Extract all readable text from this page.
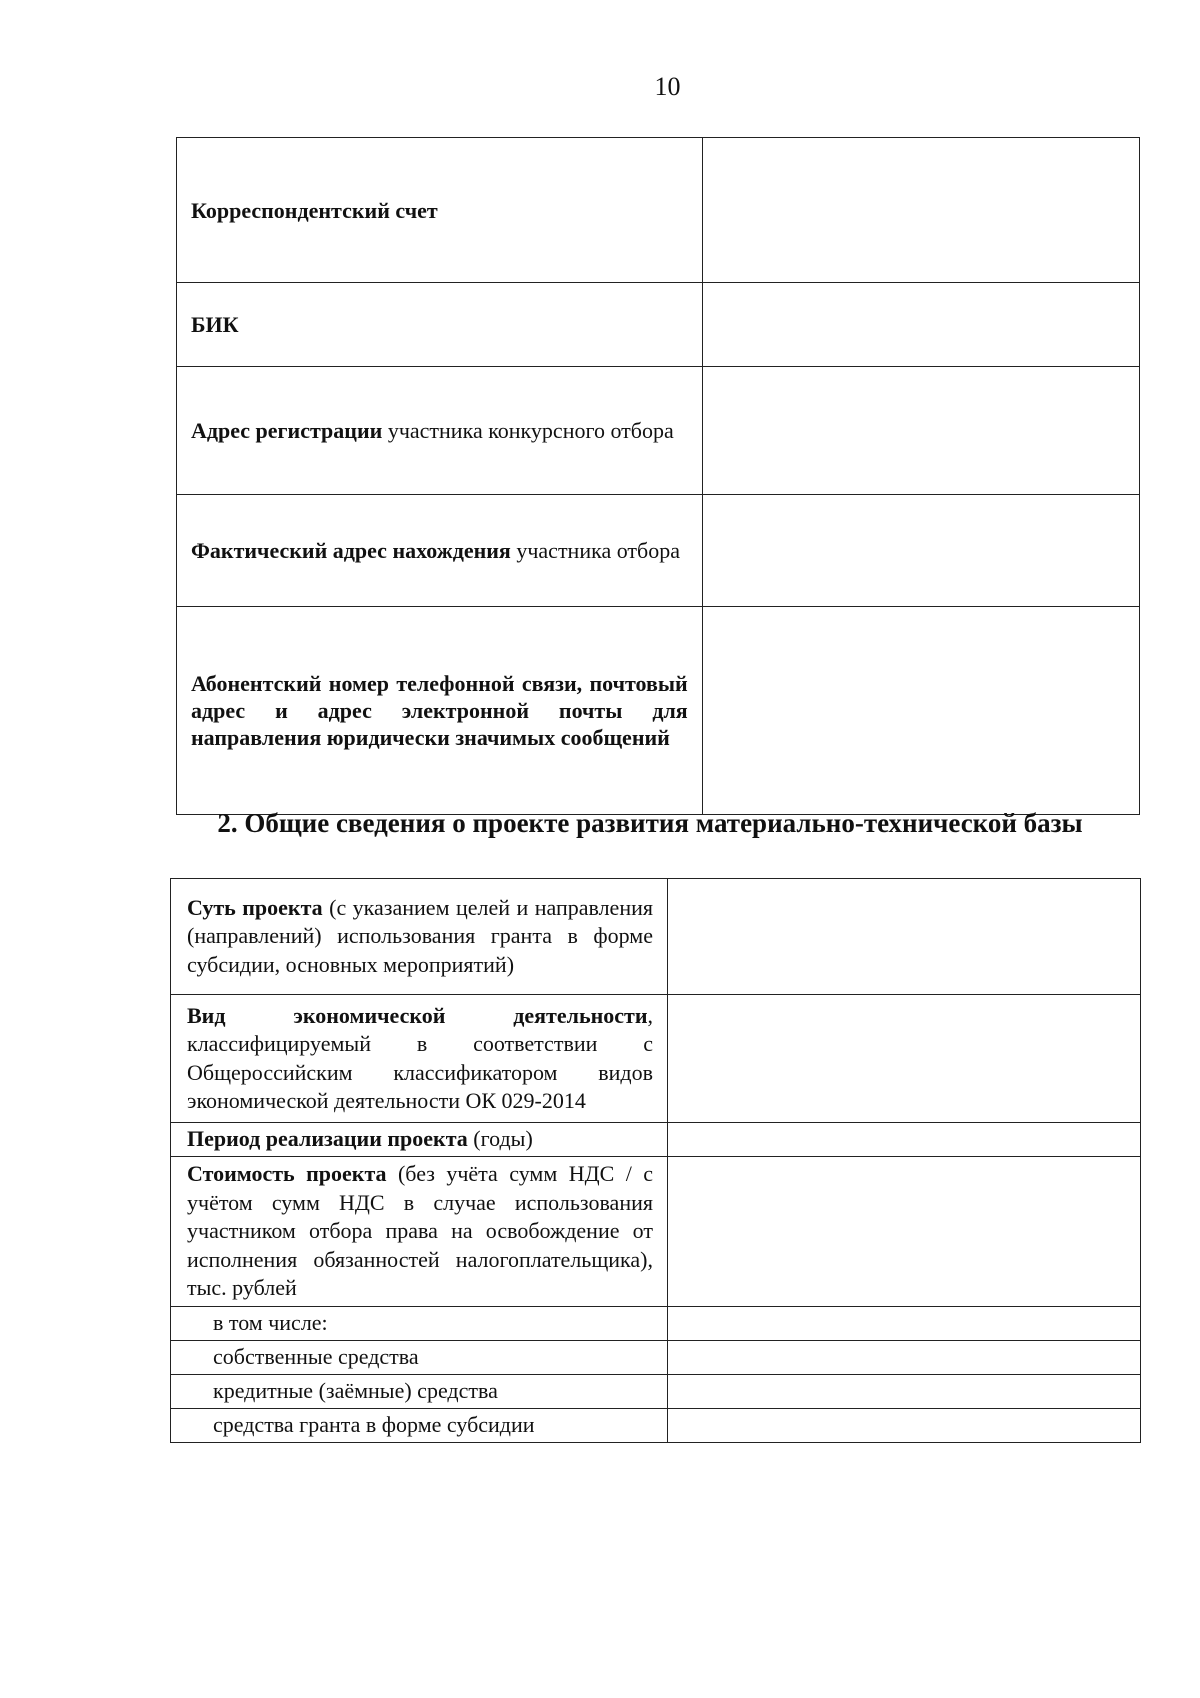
10
Корреспондентский счет	
БИК	
Адрес регистрации участника конкурсного отбора	
Фактический адрес нахождения участника отбора	
Абонентский номер телефонной связи, почтовый адрес и адрес электронной почты для направления юридически значимых сообщений	
2. Общие сведения о проекте развития материально-технической базы
Суть проекта (с указанием целей и направления (направлений) использования гранта в форме субсидии, основных мероприятий)	
Вид экономической деятельности, классифицируемый в соответствии с Общероссийским классификатором видов экономической деятельности ОК 029-2014	
Период реализации проекта (годы)	
Стоимость проекта (без учёта сумм НДС / с учётом сумм НДС в случае использования участником отбора права на освобождение от исполнения обязанностей налогоплательщика), тыс. рублей	
в том числе:	
собственные средства	
кредитные (заёмные) средства	
средства гранта в форме субсидии	
